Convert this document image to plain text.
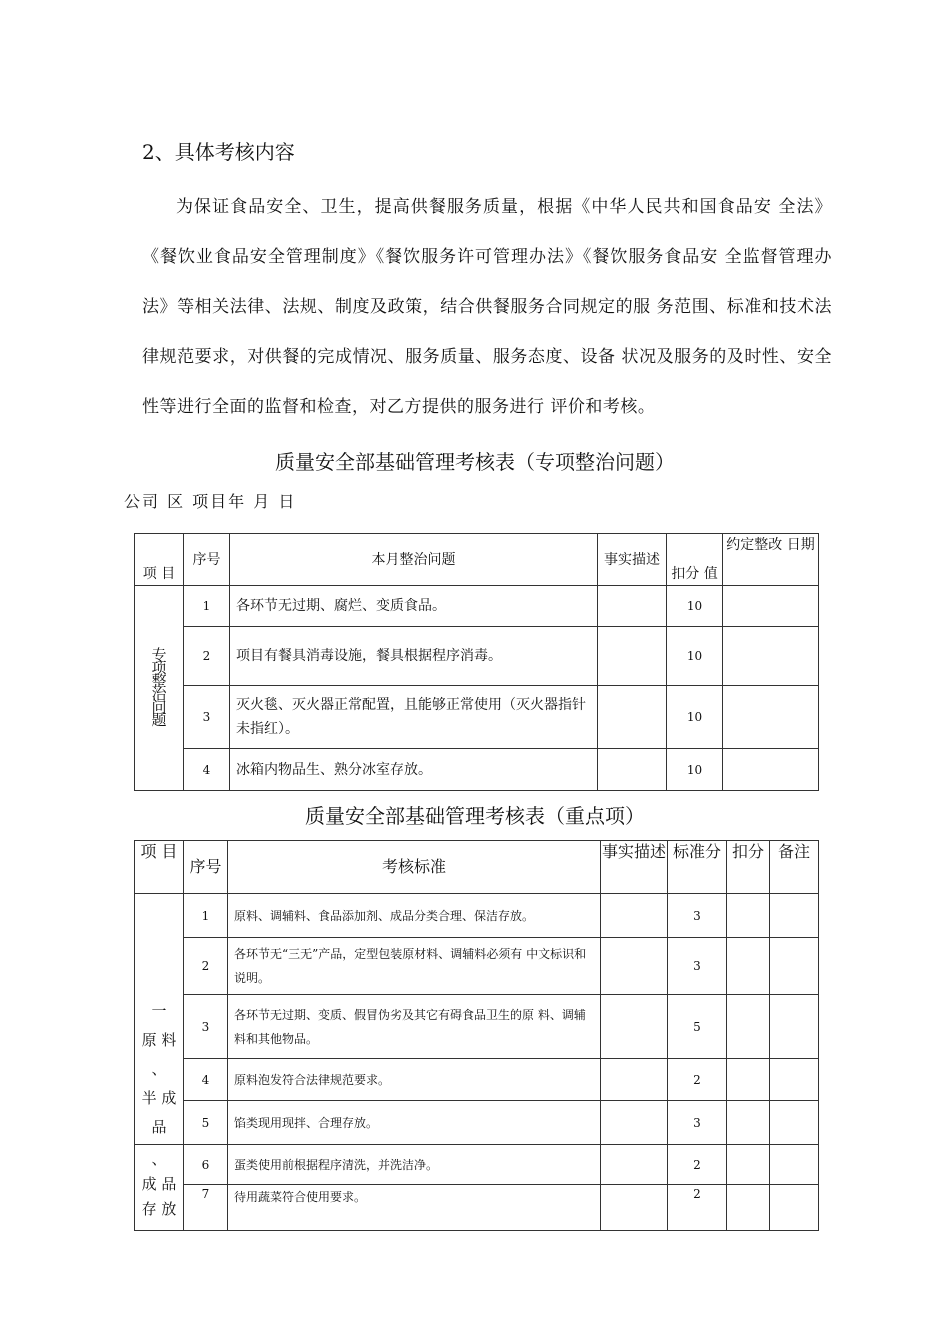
2、具体考核内容

为保证食品安全、卫生，提高供餐服务质量，根据《中华人民共和国食品安 全法》《餐饮业食品安全管理制度》《餐饮服务许可管理办法》《餐饮服务食品安 全监督管理办法》等相关法律、法规、制度及政策，结合供餐服务合同规定的服 务范围、标准和技术法律规范要求，对供餐的完成情况、服务质量、服务态度、设备 状况及服务的及时性、安全性等进行全面的监督和检查，对乙方提供的服务进行 评价和考核。

质量安全部基础管理考核表（专项整治问题）
公司 区 项目年 月 日
项 目	序号	本月整治问题	事实描述	扣分 值	约定整改 日期
专项整治问题	1	各环节无过期、腐烂、变质食品。		10	
	2	项目有餐具消毒设施，餐具根据程序消毒。		10	
	3	灭火毯、灭火器正常配置，且能够正常使用（灭火器指针未指红）。		10	
	4	冰箱内物品生、熟分冰室存放。		10	
质量安全部基础管理考核表（重点项）
项 目	序号	考核标准	事实描述	标准分	扣分	备注

一
原 料
、
半 成
品	1	原料、调辅料、食品添加剂、成品分类合理、保洁存放。		3		
	2	各环节无“三无”产品，定型包装原材料、调辅料必须有 中文标识和说明。		3		
	3	各环节无过期、变质、假冒伪劣及其它有碍食品卫生的原 料、调辅料和其他物品。		5		
	4	原料泡发符合法律规范要求。		2		
	5	馅类现用现拌、合理存放。		3		

、
成 品
存 放	6	蛋类使用前根据程序清洗，并洗洁净。		2		
	7	待用蔬菜符合使用要求。		2		
